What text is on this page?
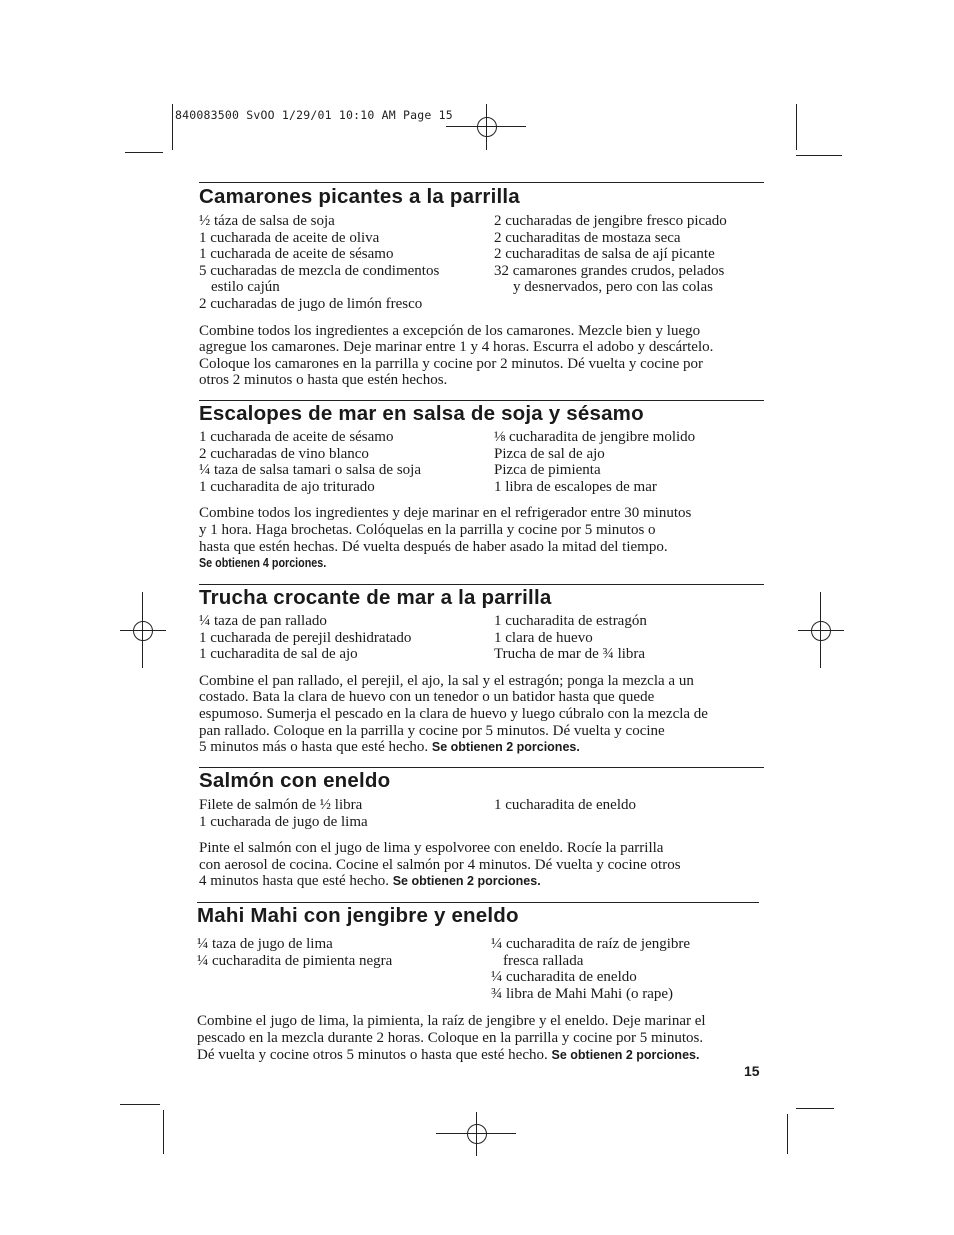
840083500 SvOO 1/29/01 10:10 AM Page 15
Camarones picantes a la parrilla
½ táza de salsa de soja
1 cucharada de aceite de oliva
1 cucharada de aceite de sésamo
5 cucharadas de mezcla de condimentos
estilo cajún
2 cucharadas de jugo de limón fresco
2 cucharadas de jengibre fresco picado
2 cucharaditas de mostaza seca
2 cucharaditas de salsa de ají picante
32 camarones grandes crudos, pelados
y desnervados, pero con las colas
Combine todos los ingredientes a excepción de los camarones. Mezcle bien y luego
agregue los camarones. Deje marinar entre 1 y 4 horas. Escurra el adobo y descártelo.
Coloque los camarones en la parrilla y cocine por 2 minutos. Dé vuelta y cocine por
otros 2 minutos o hasta que estén hechos.
Escalopes de mar en salsa de soja y sésamo
1 cucharada de aceite de sésamo
2 cucharadas de vino blanco
¼ taza de salsa tamari o salsa de soja
1 cucharadita de ajo triturado
⅛ cucharadita de jengibre molido
Pizca de sal de ajo
Pizca de pimienta
1 libra de escalopes de mar
Combine todos los ingredientes y deje marinar en el refrigerador entre 30 minutos
y 1 hora. Haga brochetas. Colóquelas en la parrilla y cocine por 5 minutos o
hasta que estén hechas. Dé vuelta después de haber asado la mitad del tiempo.
Se obtienen 4 porciones.
Trucha crocante de mar a la parrilla
¼ taza de pan rallado
1 cucharada de perejil deshidratado
1 cucharadita de sal de ajo
1 cucharadita de estragón
1 clara de huevo
Trucha de mar de ¾ libra
Combine el pan rallado, el perejil, el ajo, la sal y el estragón; ponga la mezcla a un
costado. Bata la clara de huevo con un tenedor o un batidor hasta que quede
espumoso. Sumerja el pescado en la clara de huevo y luego cúbralo con la mezcla de
pan rallado. Coloque en la parrilla y cocine por 5 minutos. Dé vuelta y cocine
5 minutos más o hasta que esté hecho. Se obtienen 2 porciones.
Salmón con eneldo
Filete de salmón de ½ libra
1 cucharada de jugo de lima
1 cucharadita de eneldo
Pinte el salmón con el jugo de lima y espolvoree con eneldo. Rocíe la parrilla
con aerosol de cocina. Cocine el salmón por 4 minutos. Dé vuelta y cocine otros
4 minutos hasta que esté hecho. Se obtienen 2 porciones.
Mahi Mahi con jengibre y eneldo
¼ taza de jugo de lima
¼ cucharadita de pimienta negra
¼ cucharadita de raíz de jengibre
fresca rallada
¼ cucharadita de eneldo
¾ libra de Mahi Mahi (o rape)
Combine el jugo de lima, la pimienta, la raíz de jengibre y el eneldo. Deje marinar el
pescado en la mezcla durante 2 horas. Coloque en la parrilla y cocine por 5 minutos.
Dé vuelta y cocine otros 5 minutos o hasta que esté hecho. Se obtienen 2 porciones.
15
